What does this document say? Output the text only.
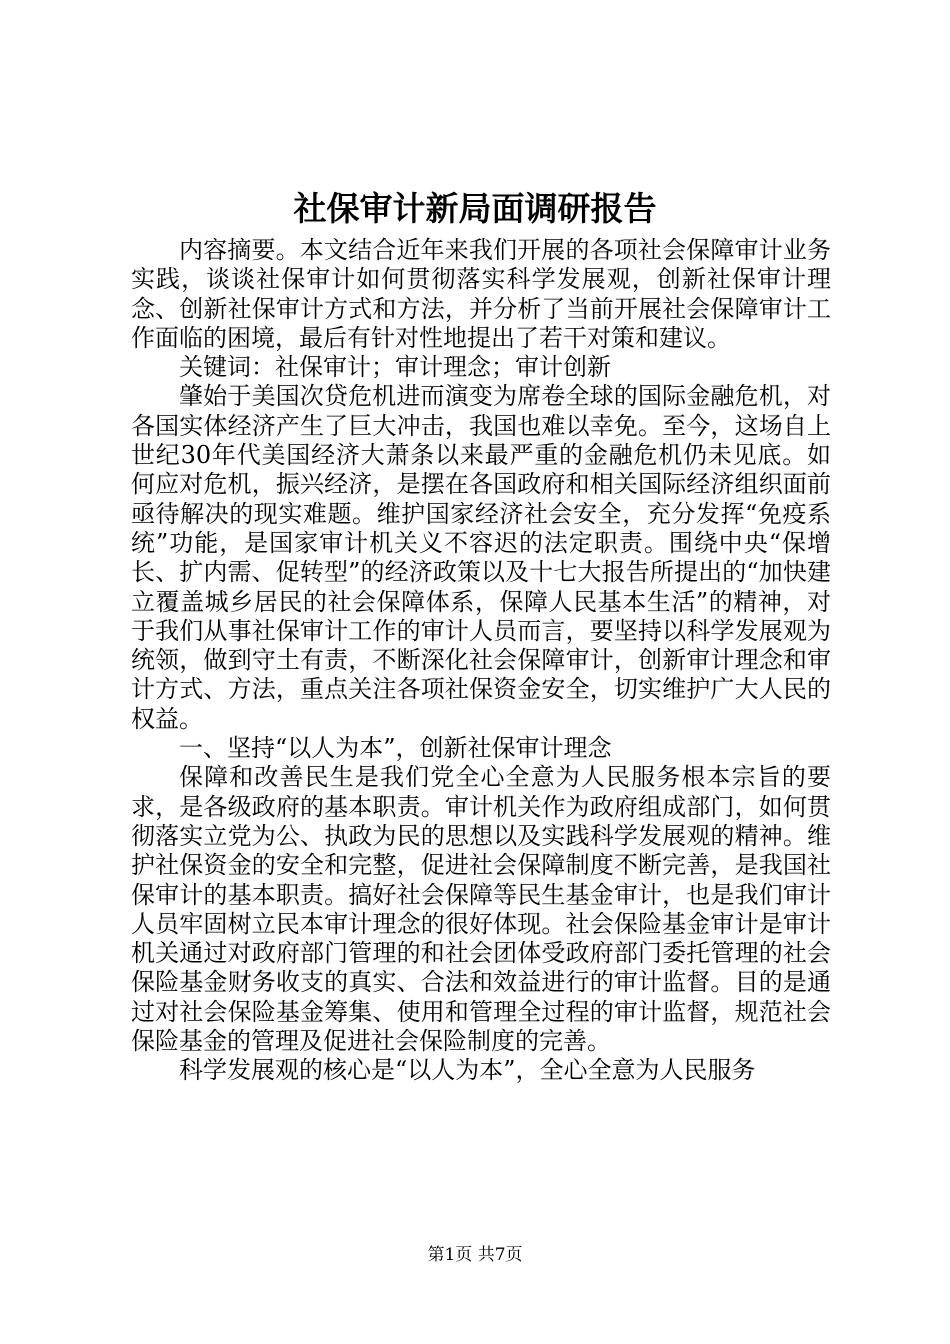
社保审计新局面调研报告

内容摘要。本文结合近年来我们开展的各项社会保障审计业务实践，谈谈社保审计如何贯彻落实科学发展观，创新社保审计理念、创新社保审计方式和方法，并分析了当前开展社会保障审计工作面临的困境，最后有针对性地提出了若干对策和建议。

关键词：社保审计；审计理念；审计创新

肇始于美国次贷危机进而演变为席卷全球的国际金融危机，对各国实体经济产生了巨大冲击，我国也难以幸免。至今，这场自上世纪30年代美国经济大萧条以来最严重的金融危机仍未见底。如何应对危机，振兴经济，是摆在各国政府和相关国际经济组织面前亟待解决的现实难题。维护国家经济社会安全，充分发挥“免疫系统”功能，是国家审计机关义不容迟的法定职责。围绕中央“保增长、扩内需、促转型”的经济政策以及十七大报告所提出的“加快建立覆盖城乡居民的社会保障体系，保障人民基本生活”的精神，对于我们从事社保审计工作的审计人员而言，要坚持以科学发展观为统领，做到守土有责，不断深化社会保障审计，创新审计理念和审计方式、方法，重点关注各项社保资金安全，切实维护广大人民的权益。

一、坚持“以人为本”，创新社保审计理念

保障和改善民生是我们党全心全意为人民服务根本宗旨的要求，是各级政府的基本职责。审计机关作为政府组成部门，如何贯彻落实立党为公、执政为民的思想以及实践科学发展观的精神。维护社保资金的安全和完整，促进社会保障制度不断完善，是我国社保审计的基本职责。搞好社会保障等民生基金审计，也是我们审计人员牢固树立民本审计理念的很好体现。社会保险基金审计是审计机关通过对政府部门管理的和社会团体受政府部门委托管理的社会保险基金财务收支的真实、合法和效益进行的审计监督。目的是通过对社会保险基金筹集、使用和管理全过程的审计监督，规范社会保险基金的管理及促进社会保险制度的完善。

科学发展观的核心是“以人为本”，全心全意为人民服务

第1页 共7页
